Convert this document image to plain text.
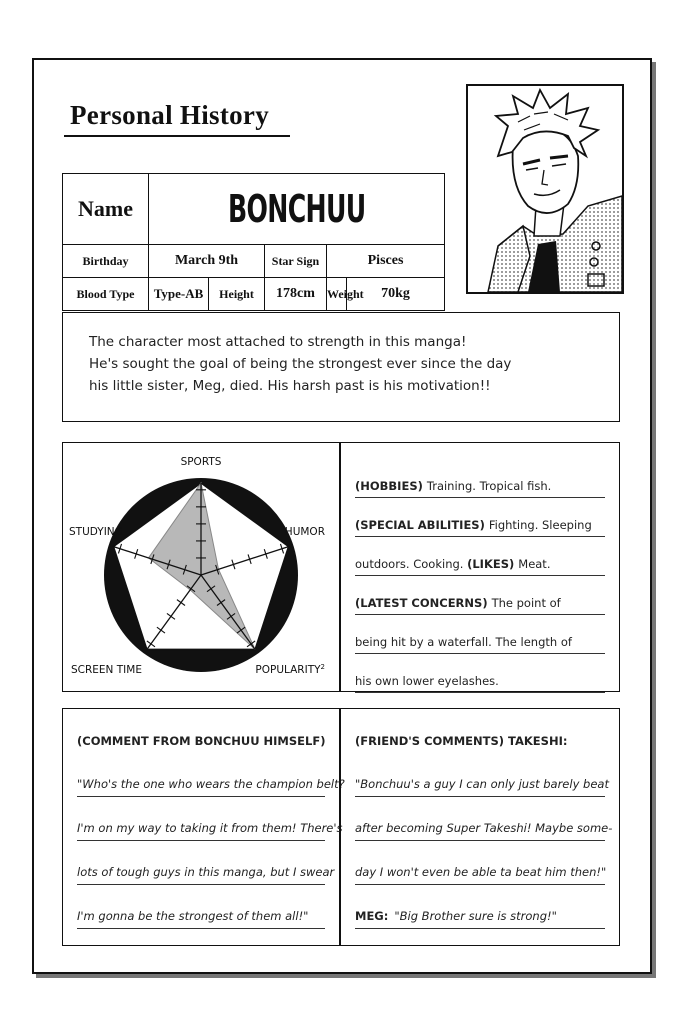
Personal History
Name	BONCHUU				
Birthday	March 9th		Star Sign	Pisces	
Blood Type	Type-AB	Height	178cm	Weight	70kg
The character most attached to strength in this manga!
He's sought the goal of being the strongest ever since the day
his little sister, Meg, died. His harsh past is his motivation!!
SPORTS
HUMOR
POPULARITY$^2$
SCREEN TIME
STUDYING
(HOBBIES) Training. Tropical fish.
(SPECIAL ABILITIES) Fighting. Sleeping
outdoors. Cooking.
(LIKES) Meat.
(LATEST CONCERNS) The point of
being hit by a waterfall. The length of
his own lower eyelashes.
(COMMENT FROM BONCHUU HIMSELF)
"Who's the one who wears the champion belt?
I'm on my way to taking it from them! There's
lots of tough guys in this manga, but I swear
I'm gonna be the strongest of them all!"
(FRIEND'S COMMENTS) TAKESHI:
"Bonchuu's a guy I can only just barely beat
after becoming Super Takeshi! Maybe some-
day I won't even be able ta beat him then!"
MEG: "Big Brother sure is strong!"
